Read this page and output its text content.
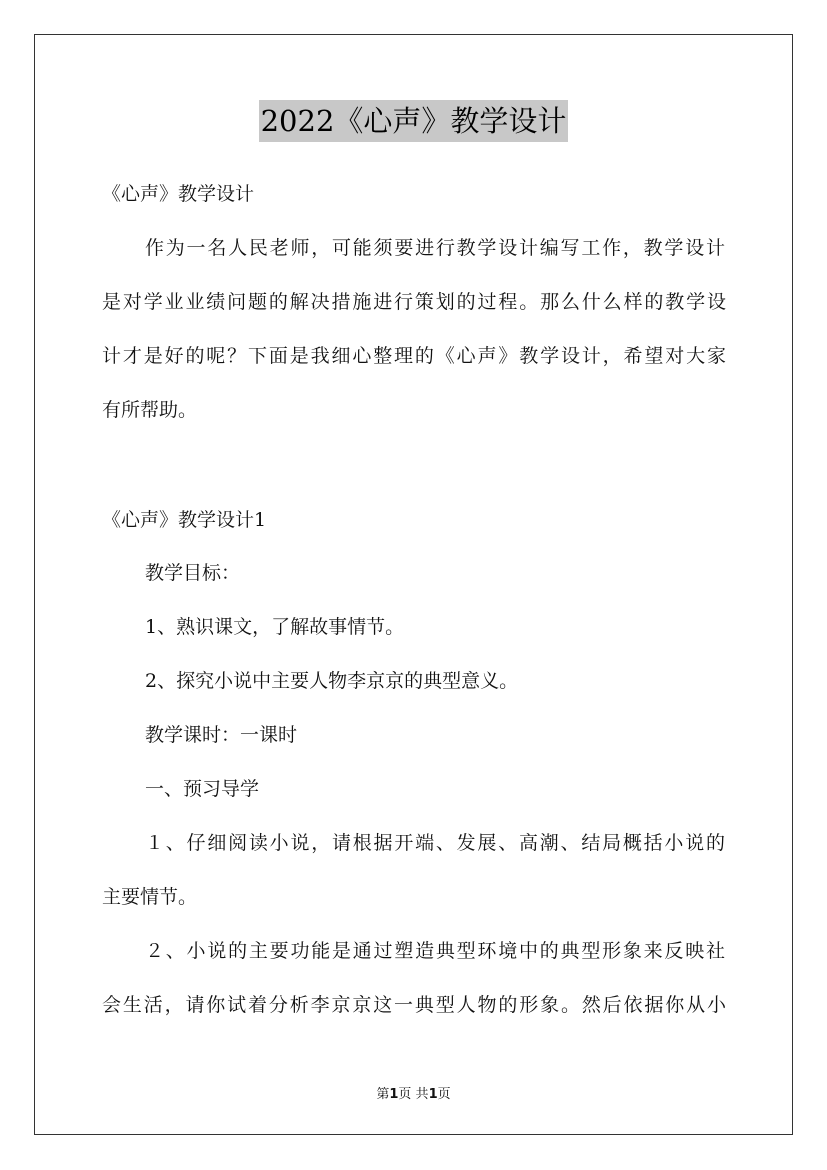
2022《心声》教学设计
《心声》教学设计
作为一名人民老师，可能须要进行教学设计编写工作，教学设计
是对学业业绩问题的解决措施进行策划的过程。那么什么样的教学设
计才是好的呢？下面是我细心整理的《心声》教学设计，希望对大家
有所帮助。
《心声》教学设计1
教学目标：
1、熟识课文，了解故事情节。
2、探究小说中主要人物李京京的典型意义。
教学课时：一课时
一、预习导学
１、仔细阅读小说，请根据开端、发展、高潮、结局概括小说的
主要情节。
２、小说的主要功能是通过塑造典型环境中的典型形象来反映社
会生活，请你试着分析李京京这一典型人物的形象。然后依据你从小
第1页 共1页
